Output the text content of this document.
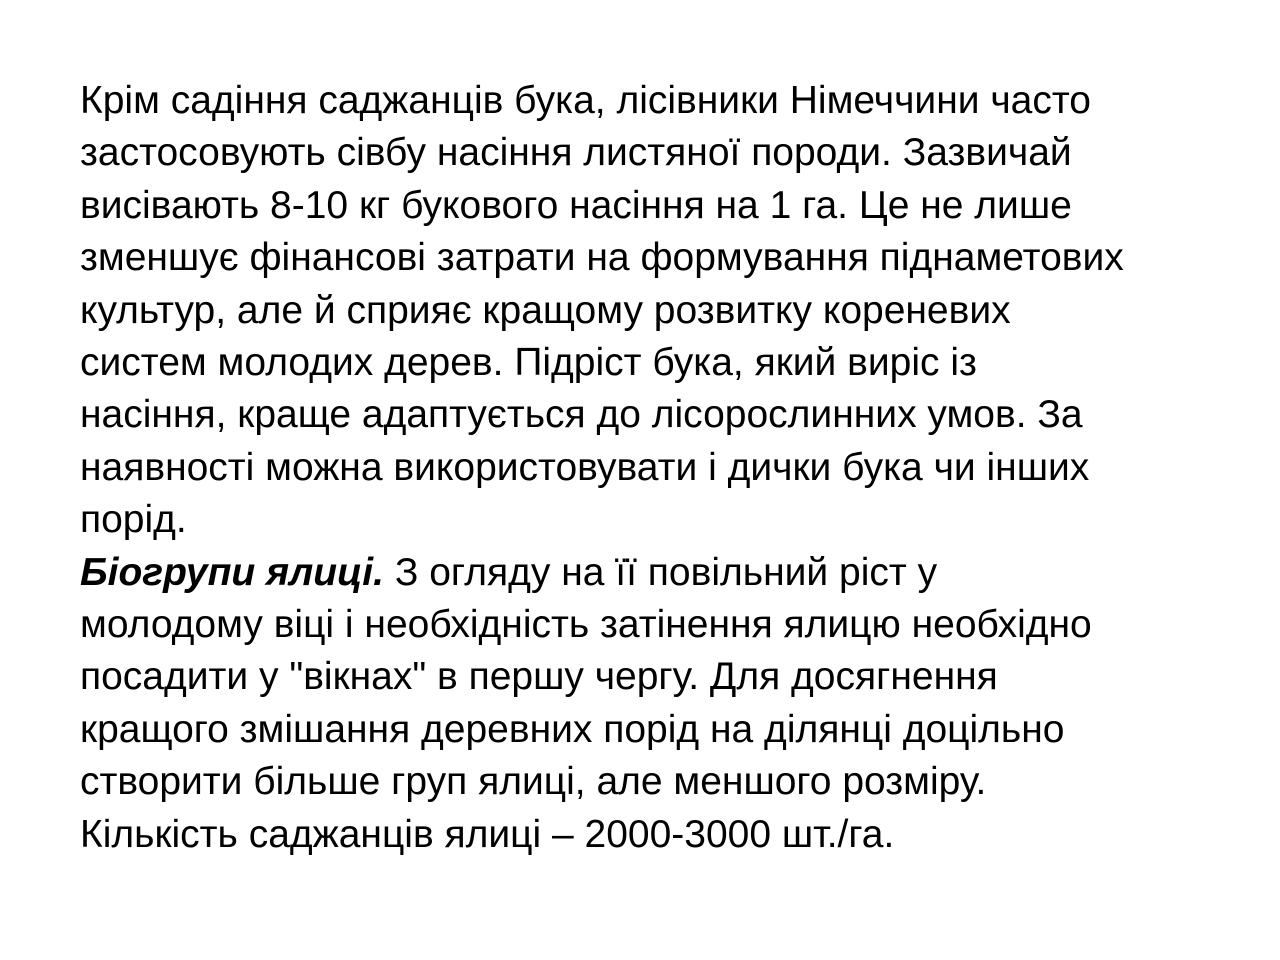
Крім садіння саджанців бука, лісівники Німеччини часто
застосовують сівбу насіння листяної породи. Зазвичай
висівають 8-10 кг букового насіння на 1 га. Це не лише
зменшує фінансові затрати на формування піднаметових
культур, але й сприяє кращому розвитку кореневих
систем молодих дерев. Підріст бука, який виріс із
насіння, краще адаптується до лісорослинних умов. За
наявності можна використовувати і дички бука чи інших
порід.

Біогрупи ялиці. З огляду на її повільний ріст у
молодому віці і необхідність затінення ялицю необхідно
посадити у "вікнах" в першу чергу. Для досягнення
кращого змішання деревних порід на ділянці доцільно
створити більше груп ялиці, але меншого розміру.
Кількість саджанців ялиці – 2000-3000 шт./га.
